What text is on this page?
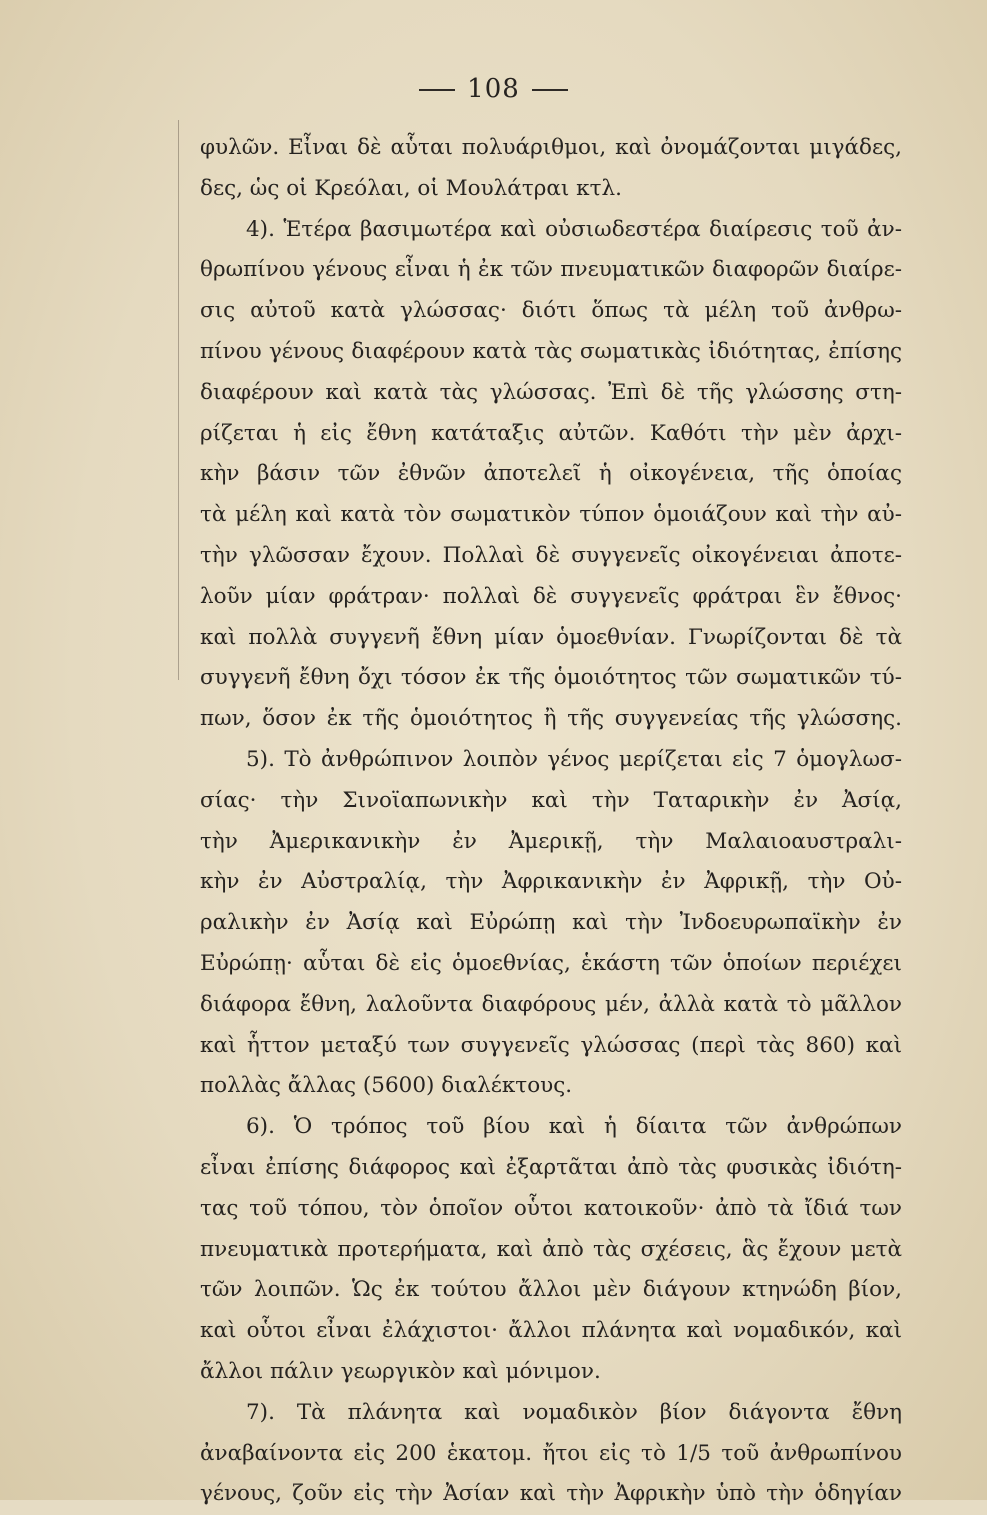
108
φυλῶν. Εἶναι δὲ αὗται πολυάριθμοι, καὶ ὀνομάζονται μιγάδες,
δες, ὡς οἱ Κρεόλαι, οἱ Μουλάτραι κτλ.
4). Ἑτέρα βασιμωτέρα καὶ οὐσιωδεστέρα διαίρεσις τοῦ ἀν-
θρωπίνου γένους εἶναι ἡ ἐκ τῶν πνευματικῶν διαφορῶν διαίρε-
σις αὐτοῦ κατὰ γλώσσας· διότι ὅπως τὰ μέλη τοῦ ἀνθρω-
πίνου γένους διαφέρουν κατὰ τὰς σωματικὰς ἰδιότητας, ἐπίσης
διαφέρουν καὶ κατὰ τὰς γλώσσας. Ἐπὶ δὲ τῆς γλώσσης στη-
ρίζεται ἡ εἰς ἔθνη κατάταξις αὐτῶν. Καθότι τὴν μὲν ἀρχι-
κὴν βάσιν τῶν ἐθνῶν ἀποτελεῖ ἡ οἰκογένεια, τῆς ὁποίας
τὰ μέλη καὶ κατὰ τὸν σωματικὸν τύπον ὁμοιάζουν καὶ τὴν αὐ-
τὴν γλῶσσαν ἔχουν. Πολλαὶ δὲ συγγενεῖς οἰκογένειαι ἀποτε-
λοῦν μίαν φράτραν· πολλαὶ δὲ συγγενεῖς φράτραι ἓν ἔθνος·
καὶ πολλὰ συγγενῆ ἔθνη μίαν ὁμοεθνίαν. Γνωρίζονται δὲ τὰ
συγγενῆ ἔθνη ὄχι τόσον ἐκ τῆς ὁμοιότητος τῶν σωματικῶν τύ-
πων, ὅσον ἐκ τῆς ὁμοιότητος ἢ τῆς συγγενείας τῆς γλώσσης.
5). Τὸ ἀνθρώπινον λοιπὸν γένος μερίζεται εἰς 7 ὁμογλωσ-
σίας· τὴν Σινοϊαπωνικὴν καὶ τὴν Ταταρικὴν ἐν Ἀσίᾳ,
τὴν Ἀμερικανικὴν ἐν Ἀμερικῇ, τὴν Μαλαιοαυστραλι-
κὴν ἐν Αὐστραλίᾳ, τὴν Ἀφρικανικὴν ἐν Ἀφρικῇ, τὴν Οὐ-
ραλικὴν ἐν Ἀσίᾳ καὶ Εὐρώπῃ καὶ τὴν Ἰνδοευρωπαϊκὴν ἐν
Εὐρώπῃ· αὗται δὲ εἰς ὁμοεθνίας, ἑκάστη τῶν ὁποίων περιέχει
διάφορα ἔθνη, λαλοῦντα διαφόρους μέν, ἀλλὰ κατὰ τὸ μᾶλλον
καὶ ἧττον μεταξύ των συγγενεῖς γλώσσας (περὶ τὰς 860) καὶ
πολλὰς ἄλλας (5600) διαλέκτους.
6). Ὁ τρόπος τοῦ βίου καὶ ἡ δίαιτα τῶν ἀνθρώπων
εἶναι ἐπίσης διάφορος καὶ ἐξαρτᾶται ἀπὸ τὰς φυσικὰς ἰδιότη-
τας τοῦ τόπου, τὸν ὁποῖον οὗτοι κατοικοῦν· ἀπὸ τὰ ἴδιά των
πνευματικὰ προτερήματα, καὶ ἀπὸ τὰς σχέσεις, ἃς ἔχουν μετὰ
τῶν λοιπῶν. Ὡς ἐκ τούτου ἄλλοι μὲν διάγουν κτηνώδη βίον,
καὶ οὗτοι εἶναι ἐλάχιστοι· ἄλλοι πλάνητα καὶ νομαδικόν, καὶ
ἄλλοι πάλιν γεωργικὸν καὶ μόνιμον.
7). Τὰ πλάνητα καὶ νομαδικὸν βίον διάγοντα ἔθνη
ἀναβαίνοντα εἰς 200 ἑκατομ. ἤτοι εἰς τὸ 1/5 τοῦ ἀνθρωπίνου
γένους, ζοῦν εἰς τὴν Ἀσίαν καὶ τὴν Ἀφρικὴν ὑπὸ τὴν ὁδηγίαν
